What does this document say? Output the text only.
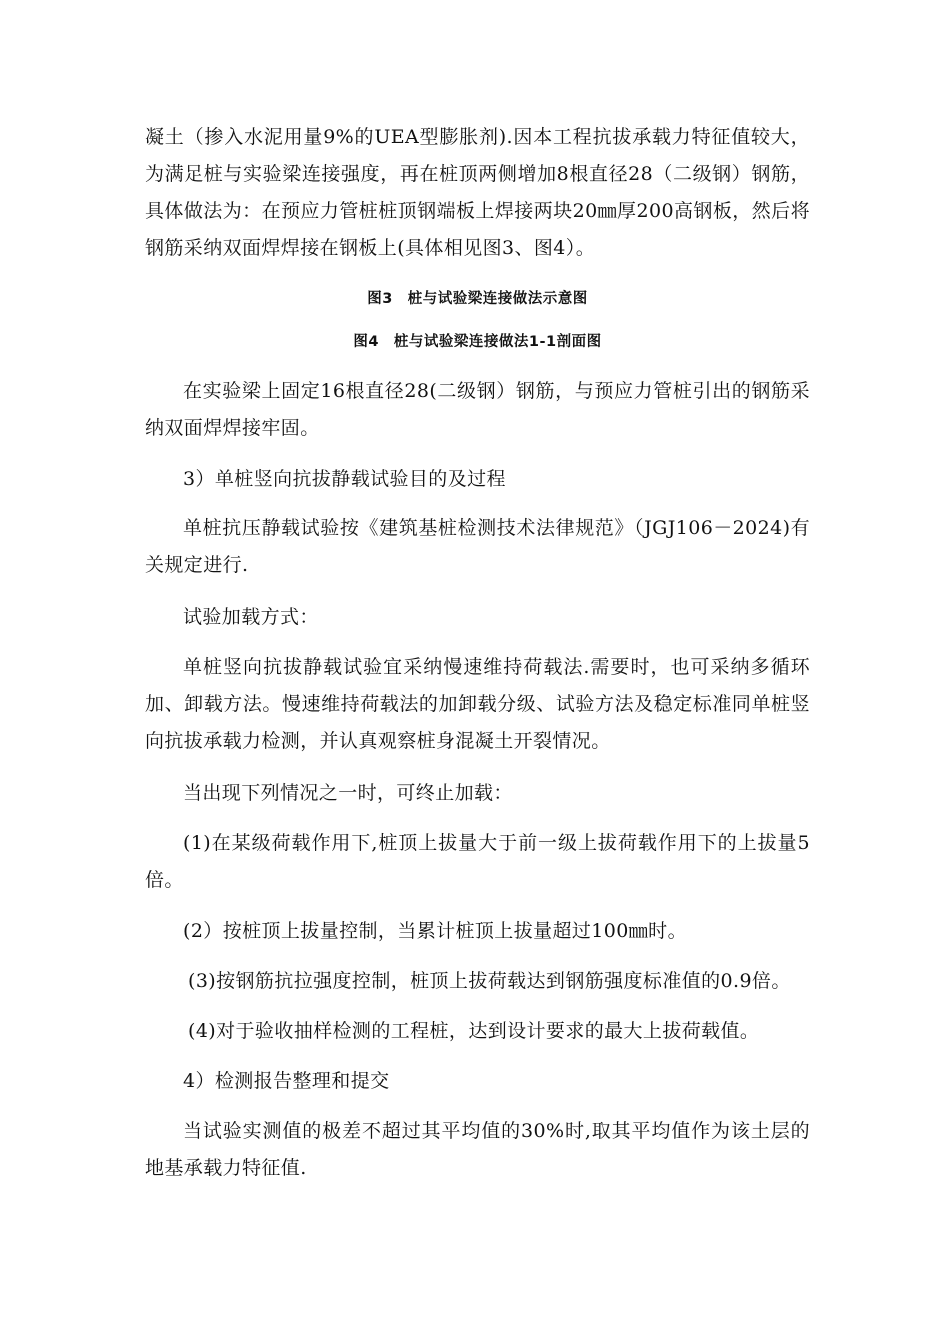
凝土（掺入水泥用量9%的UEA型膨胀剂).因本工程抗拔承载力特征值较大，为满足桩与实验梁连接强度，再在桩顶两侧增加8根直径28（二级钢）钢筋，具体做法为：在预应力管桩桩顶钢端板上焊接两块20㎜厚200高钢板，然后将钢筋采纳双面焊焊接在钢板上(具体相见图3、图4）。

图3　桩与试验梁连接做法示意图

图4　桩与试验梁连接做法1-1剖面图

在实验梁上固定16根直径28(二级钢）钢筋，与预应力管桩引出的钢筋采纳双面焊焊接牢固。

3）单桩竖向抗拔静载试验目的及过程

单桩抗压静载试验按《建筑基桩检测技术法律规范》（JGJ106－2024)有关规定进行.

试验加载方式：

单桩竖向抗拔静载试验宜采纳慢速维持荷载法.需要时，也可采纳多循环加、卸载方法。慢速维持荷载法的加卸载分级、试验方法及稳定标准同单桩竖向抗拔承载力检测，并认真观察桩身混凝土开裂情况。

当出现下列情况之一时，可终止加载：

(1)在某级荷载作用下,桩顶上拔量大于前一级上拔荷载作用下的上拔量5倍。

(2）按桩顶上拔量控制，当累计桩顶上拔量超过100㎜时。

(3)按钢筋抗拉强度控制，桩顶上拔荷载达到钢筋强度标准值的0.9倍。

(4)对于验收抽样检测的工程桩，达到设计要求的最大上拔荷载值。

4）检测报告整理和提交

当试验实测值的极差不超过其平均值的30%时,取其平均值作为该土层的地基承载力特征值.
